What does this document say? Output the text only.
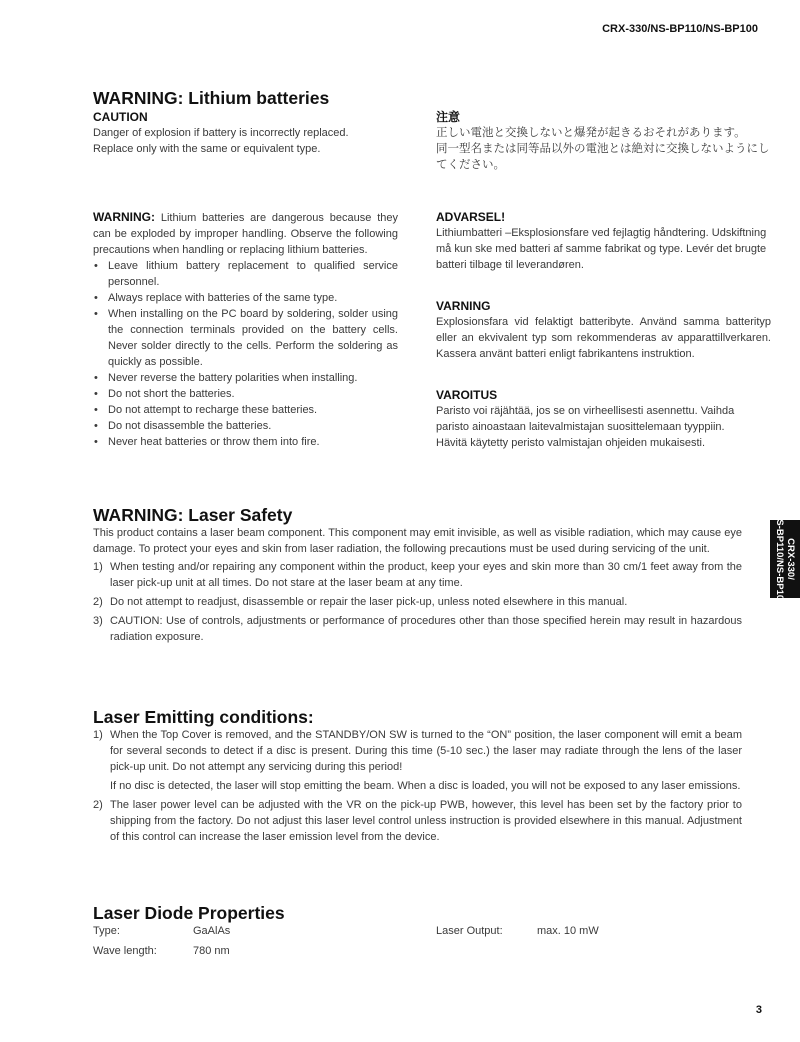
CRX-330/NS-BP110/NS-BP100
WARNING: Lithium batteries
CAUTION

Danger of explosion if battery is incorrectly replaced. Replace only with the same or equivalent type.

注意

正しい電池と交換しないと爆発が起きるおそれがあります。

同一型名または同等品以外の電池とは絶対に交換しないようにしてください。

WARNING: Lithium batteries are dangerous because they can be exploded by improper handling. Observe the following precautions when handling or replacing lithium batteries.

• Leave lithium battery replacement to qualified service personnel.
• Always replace with batteries of the same type.
• When installing on the PC board by soldering, solder using the connection terminals provided on the battery cells. Never solder directly to the cells. Perform the soldering as quickly as possible.
• Never reverse the battery polarities when installing.
• Do not short the batteries.
• Do not attempt to recharge these batteries.
• Do not disassemble the batteries.
• Never heat batteries or throw them into fire.
ADVARSEL!

Lithiumbatteri –Eksplosionsfare ved fejlagtig håndtering. Udskiftning må kun ske med batteri af samme fabrikat og type. Levér det brugte batteri tilbage til leverandøren.

VARNING

Explosionsfara vid felaktigt batteribyte. Använd samma batterityp eller an ekvivalent typ som rekommenderas av apparattillverkaren. Kassera använt batteri enligt fabrikantens instruktion.

VAROITUS

Paristo voi räjähtää, jos se on virheellisesti asennettu. Vaihda paristo ainoastaan laitevalmistajan suosittelemaan tyyppiin. Hävitä käytetty peristo valmistajan ohjeiden mukaisesti.

WARNING: Laser Safety

This product contains a laser beam component. This component may emit invisible, as well as visible radiation, which may cause eye damage. To protect your eyes and skin from laser radiation, the following precautions must be used during servicing of the unit.

1) When testing and/or repairing any component within the product, keep your eyes and skin more than 30 cm/1 feet away from the laser pick-up unit at all times. Do not stare at the laser beam at any time.
2) Do not attempt to readjust, disassemble or repair the laser pick-up, unless noted elsewhere in this manual.
3) CAUTION: Use of controls, adjustments or performance of procedures other than those specified herein may result in hazardous radiation exposure.
Laser Emitting conditions:
1) When the Top Cover is removed, and the STANDBY/ON SW is turned to the “ON” position, the laser component will emit a beam for several seconds to detect if a disc is present. During this time (5-10 sec.) the laser may radiate through the lens of the laser pick-up unit. Do not attempt any servicing during this period!

If no disc is detected, the laser will stop emitting the beam. When a disc is loaded, you will not be exposed to any laser emissions.
2) The laser power level can be adjusted with the VR on the pick-up PWB, however, this level has been set by the factory prior to shipping from the factory. Do not adjust this laser level control unless instruction is provided elsewhere in this manual. Adjustment of this control can increase the laser emission level from the device.
Laser Diode Properties
Type:	GaAlAs	Laser Output:	max. 10 mW
Wave length:	780 nm
CRX-330/
NS-BP110/NS-BP100
3
